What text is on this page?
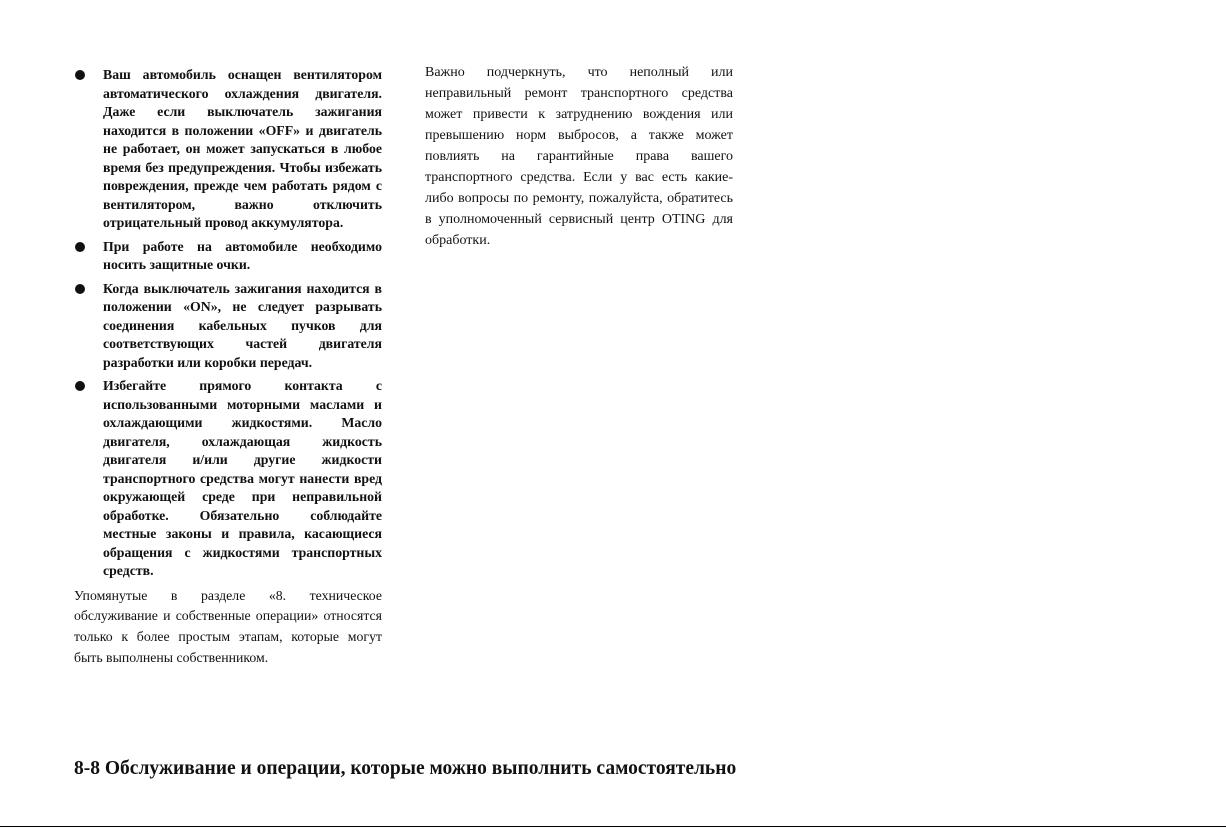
Ваш автомобиль оснащен вентилятором автоматического охлаждения двигателя. Даже если выключатель зажигания находится в положении «OFF» и двигатель не работает, он может запускаться в любое время без предупреждения. Чтобы избежать повреждения, прежде чем работать рядом с вентилятором, важно отключить отрицательный провод аккумулятора.
При работе на автомобиле необходимо носить защитные очки.
Когда выключатель зажигания находится в положении «ON», не следует разрывать соединения кабельных пучков для соответствующих частей двигателя разработки или коробки передач.
Избегайте прямого контакта с использованными моторными маслами и охлаждающими жидкостями. Масло двигателя, охлаждающая жидкость двигателя и/или другие жидкости транспортного средства могут нанести вред окружающей среде при неправильной обработке. Обязательно соблюдайте местные законы и правила, касающиеся обращения с жидкостями транспортных средств.

Упомянутые в разделе «8. техническое обслуживание и собственные операции» относятся только к более простым этапам, которые могут быть выполнены собственником.

Важно подчеркнуть, что неполный или неправильный ремонт транспортного средства может привести к затруднению вождения или превышению норм выбросов, а также может повлиять на гарантийные права вашего транспортного средства. Если у вас есть какие-либо вопросы по ремонту, пожалуйста, обратитесь в уполномоченный сервисный центр OTING для обработки.

8-8 Обслуживание и операции, которые можно выполнить самостоятельно
